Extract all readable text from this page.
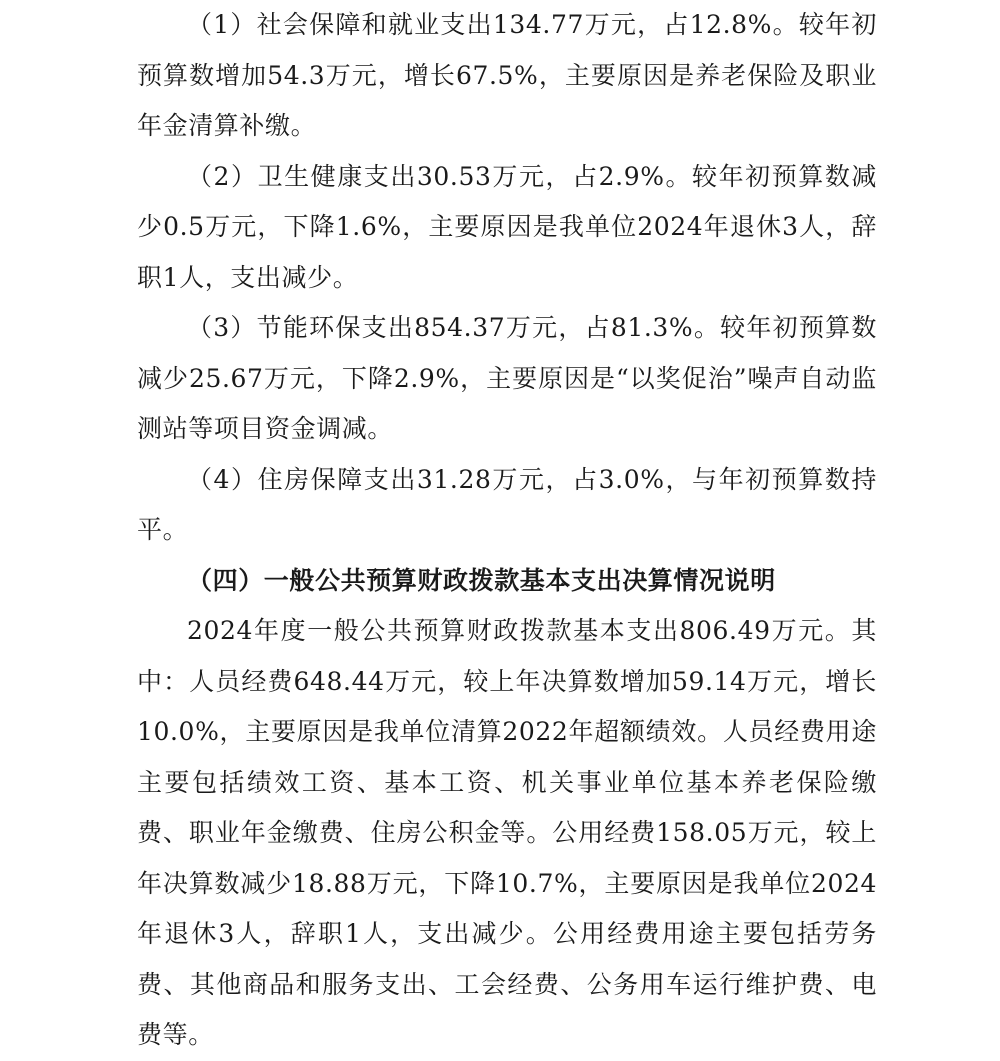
（1）社会保障和就业支出134.77万元，占12.8%。较年初预算数增加54.3万元，增长67.5%，主要原因是养老保险及职业年金清算补缴。

（2）卫生健康支出30.53万元，占2.9%。较年初预算数减少0.5万元，下降1.6%，主要原因是我单位2024年退休3人，辞职1人，支出减少。

（3）节能环保支出854.37万元，占81.3%。较年初预算数减少25.67万元，下降2.9%，主要原因是“以奖促治”噪声自动监测站等项目资金调减。

（4）住房保障支出31.28万元，占3.0%，与年初预算数持平。

（四）一般公共预算财政拨款基本支出决算情况说明

2024年度一般公共预算财政拨款基本支出806.49万元。其中：人员经费648.44万元，较上年决算数增加59.14万元，增长10.0%，主要原因是我单位清算2022年超额绩效。人员经费用途主要包括绩效工资、基本工资、机关事业单位基本养老保险缴费、职业年金缴费、住房公积金等。公用经费158.05万元，较上年决算数减少18.88万元，下降10.7%，主要原因是我单位2024年退休3人，辞职1人，支出减少。公用经费用途主要包括劳务费、其他商品和服务支出、工会经费、公务用车运行维护费、电费等。
